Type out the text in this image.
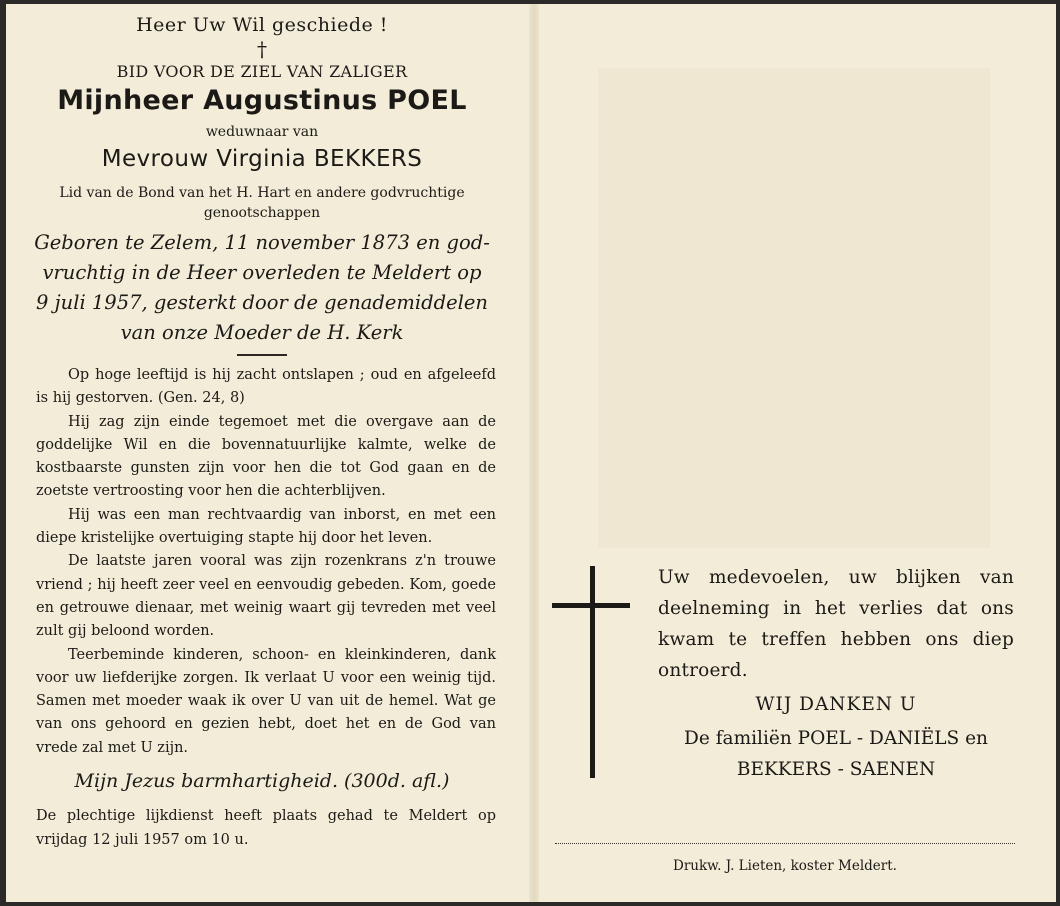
Heer Uw Wil geschiede !
†
BID VOOR DE ZIEL VAN ZALIGER
Mijnheer Augustinus POEL
weduwnaar van
Mevrouw Virginia BEKKERS
Lid van de Bond van het H. Hart en andere godvruchtige
genootschappen
Geboren te Zelem, 11 november 1873 en god-
vruchtig in de Heer overleden te Meldert op
9 juli 1957, gesterkt door de genademiddelen
van onze Moeder de H. Kerk

Op hoge leeftijd is hij zacht ontslapen ; oud en afgeleefd is hij gestorven. (Gen. 24, 8)

Hij zag zijn einde tegemoet met die overgave aan de goddelijke Wil en die bovennatuurlijke kalmte, welke de kostbaarste gunsten zijn voor hen die tot God gaan en de zoetste vertroosting voor hen die achterblijven.

Hij was een man rechtvaardig van inborst, en met een diepe kristelijke overtuiging stapte hij door het leven.

De laatste jaren vooral was zijn rozenkrans z'n trouwe vriend ; hij heeft zeer veel en eenvoudig gebeden. Kom, goede en getrouwe dienaar, met weinig waart gij tevreden met veel zult gij beloond worden.

Teerbeminde kinderen, schoon- en kleinkinderen, dank voor uw liefderijke zorgen. Ik verlaat U voor een weinig tijd. Samen met moeder waak ik over U van uit de hemel. Wat ge van ons gehoord en gezien hebt, doet het en de God van vrede zal met U zijn.

Mijn Jezus barmhartigheid. (300d. afl.)

De plechtige lijkdienst heeft plaats gehad te Meldert op vrijdag 12 juli 1957 om 10 u.

Uw medevoelen, uw blijken van deelneming in het verlies dat ons kwam te treffen hebben ons diep ontroerd.
WIJ DANKEN U
De familiën POEL - DANIËLS en
BEKKERS - SAENEN
Drukw. J. Lieten, koster Meldert.
